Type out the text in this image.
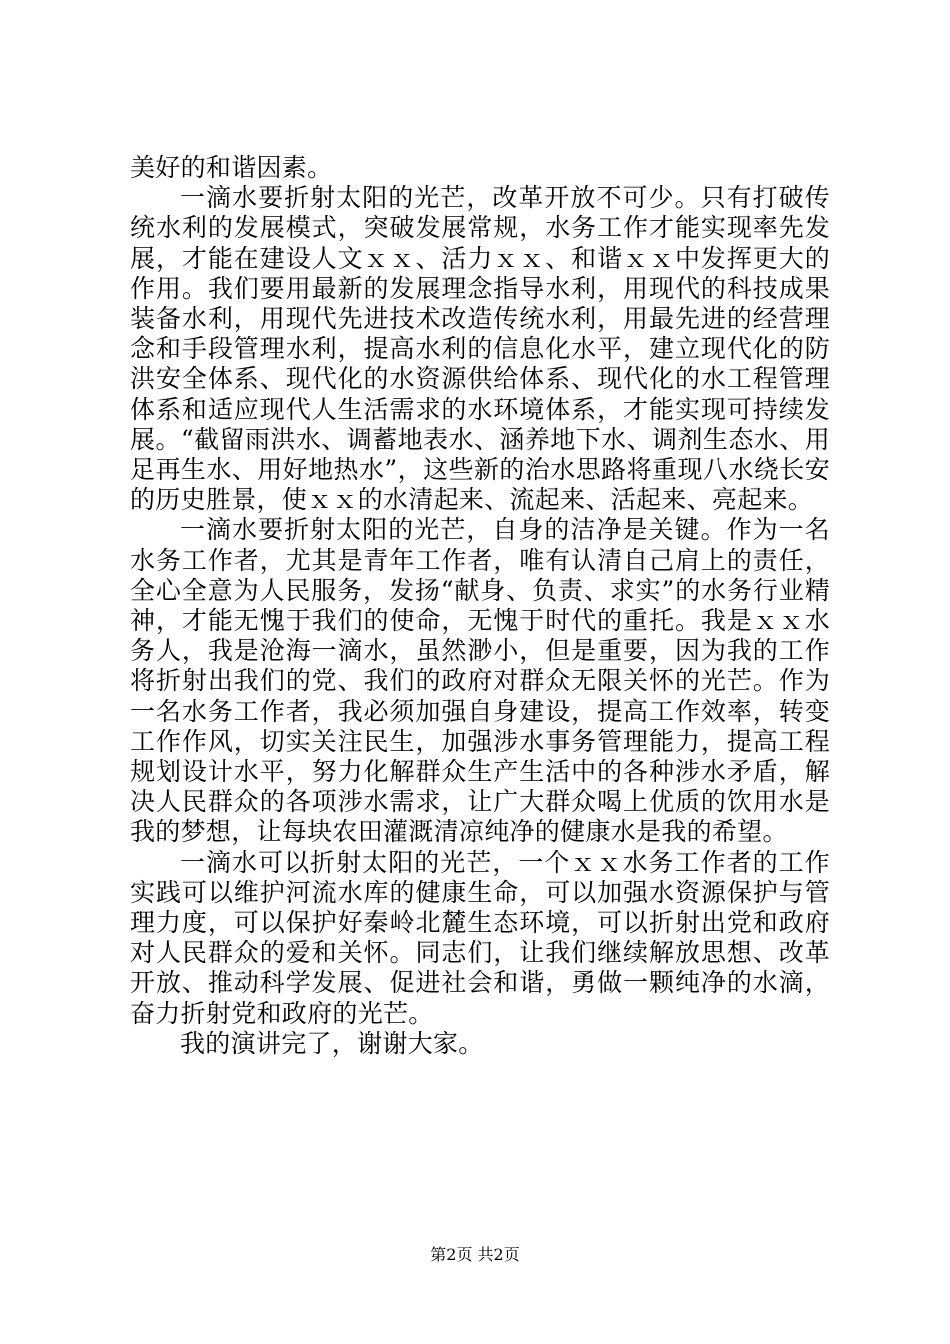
美好的和谐因素。

一滴水要折射太阳的光芒，改革开放不可少。只有打破传统水利的发展模式，突破发展常规，水务工作才能实现率先发展，才能在建设人文ｘｘ、活力ｘｘ、和谐ｘｘ中发挥更大的作用。我们要用最新的发展理念指导水利，用现代的科技成果装备水利，用现代先进技术改造传统水利，用最先进的经营理念和手段管理水利，提高水利的信息化水平，建立现代化的防洪安全体系、现代化的水资源供给体系、现代化的水工程管理体系和适应现代人生活需求的水环境体系，才能实现可持续发展。“截留雨洪水、调蓄地表水、涵养地下水、调剂生态水、用足再生水、用好地热水”，这些新的治水思路将重现八水绕长安的历史胜景，使ｘｘ的水清起来、流起来、活起来、亮起来。

一滴水要折射太阳的光芒，自身的洁净是关键。作为一名水务工作者，尤其是青年工作者，唯有认清自己肩上的责任，全心全意为人民服务，发扬“献身、负责、求实”的水务行业精神，才能无愧于我们的使命，无愧于时代的重托。我是ｘｘ水务人，我是沧海一滴水，虽然渺小，但是重要，因为我的工作将折射出我们的党、我们的政府对群众无限关怀的光芒。作为一名水务工作者，我必须加强自身建设，提高工作效率，转变工作作风，切实关注民生，加强涉水事务管理能力，提高工程规划设计水平，努力化解群众生产生活中的各种涉水矛盾，解决人民群众的各项涉水需求，让广大群众喝上优质的饮用水是我的梦想，让每块农田灌溉清凉纯净的健康水是我的希望。

一滴水可以折射太阳的光芒，一个ｘｘ水务工作者的工作实践可以维护河流水库的健康生命，可以加强水资源保护与管理力度，可以保护好秦岭北麓生态环境，可以折射出党和政府对人民群众的爱和关怀。同志们，让我们继续解放思想、改革开放、推动科学发展、促进社会和谐，勇做一颗纯净的水滴，奋力折射党和政府的光芒。

我的演讲完了，谢谢大家。

第2页 共2页
